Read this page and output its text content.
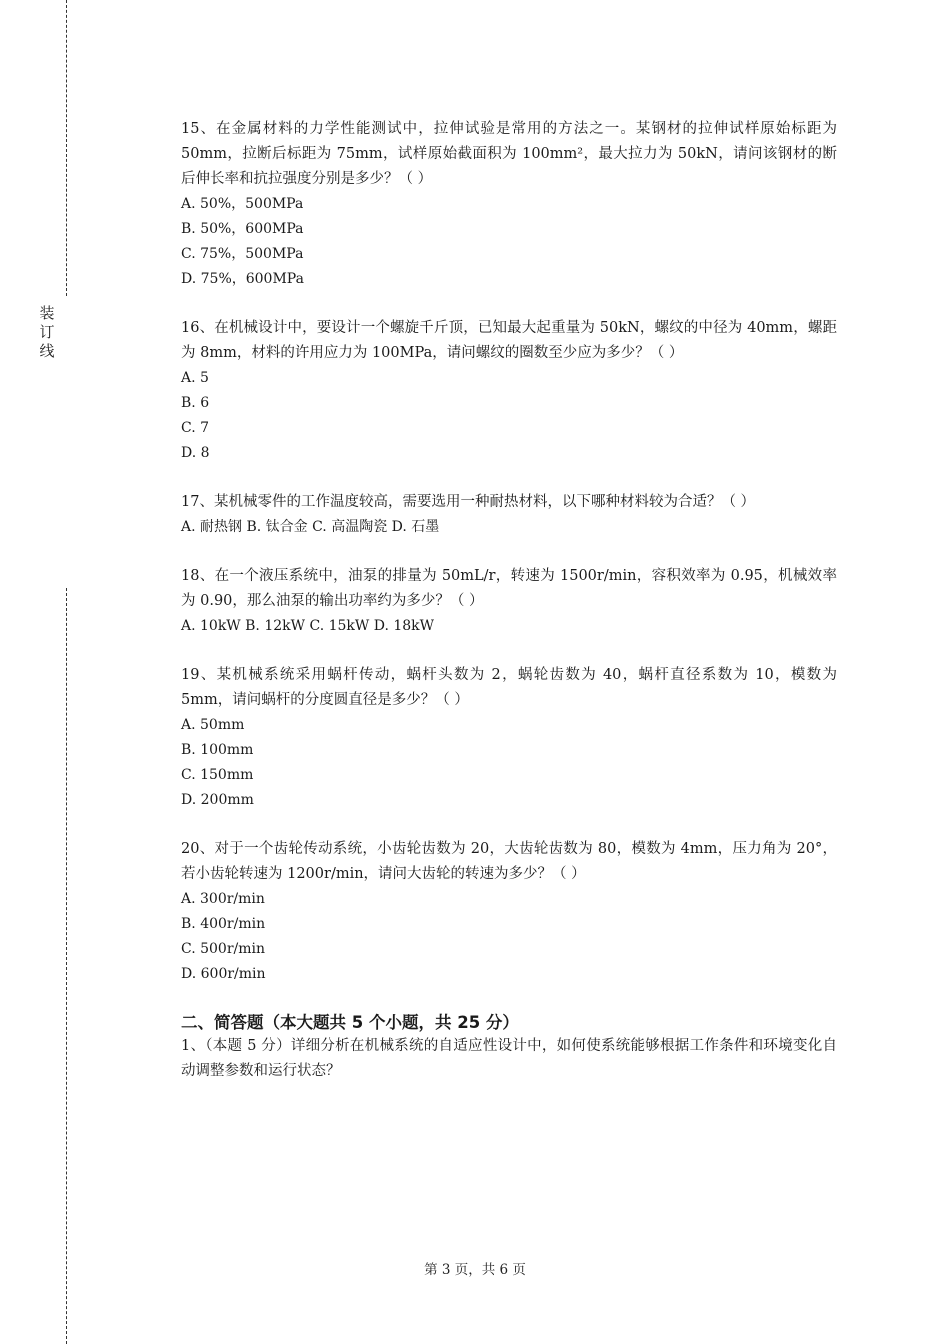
装
订
线

15、在金属材料的力学性能测试中，拉伸试验是常用的方法之一。某钢材的拉伸试样原始标距为 50mm，拉断后标距为 75mm，试样原始截面积为 100mm²，最大拉力为 50kN，请问该钢材的断后伸长率和抗拉强度分别是多少？（ ）

A. 50%，500MPa

B. 50%，600MPa

C. 75%，500MPa

D. 75%，600MPa

16、在机械设计中，要设计一个螺旋千斤顶，已知最大起重量为 50kN，螺纹的中径为 40mm，螺距为 8mm，材料的许用应力为 100MPa，请问螺纹的圈数至少应为多少？（ ）

A. 5

B. 6

C. 7

D. 8

17、某机械零件的工作温度较高，需要选用一种耐热材料，以下哪种材料较为合适？（ ）

A. 耐热钢 B. 钛合金 C. 高温陶瓷 D. 石墨

18、在一个液压系统中，油泵的排量为 50mL/r，转速为 1500r/min，容积效率为 0.95，机械效率为 0.90，那么油泵的输出功率约为多少？（ ）

A. 10kW B. 12kW C. 15kW D. 18kW

19、某机械系统采用蜗杆传动，蜗杆头数为 2，蜗轮齿数为 40，蜗杆直径系数为 10，模数为 5mm，请问蜗杆的分度圆直径是多少？（ ）

A. 50mm

B. 100mm

C. 150mm

D. 200mm

20、对于一个齿轮传动系统，小齿轮齿数为 20，大齿轮齿数为 80，模数为 4mm，压力角为 20°，若小齿轮转速为 1200r/min，请问大齿轮的转速为多少？（ ）

A. 300r/min

B. 400r/min

C. 500r/min

D. 600r/min

二、简答题（本大题共 5 个小题，共 25 分）

1、（本题 5 分）详细分析在机械系统的自适应性设计中，如何使系统能够根据工作条件和环境变化自动调整参数和运行状态？

第 3 页，共 6 页
